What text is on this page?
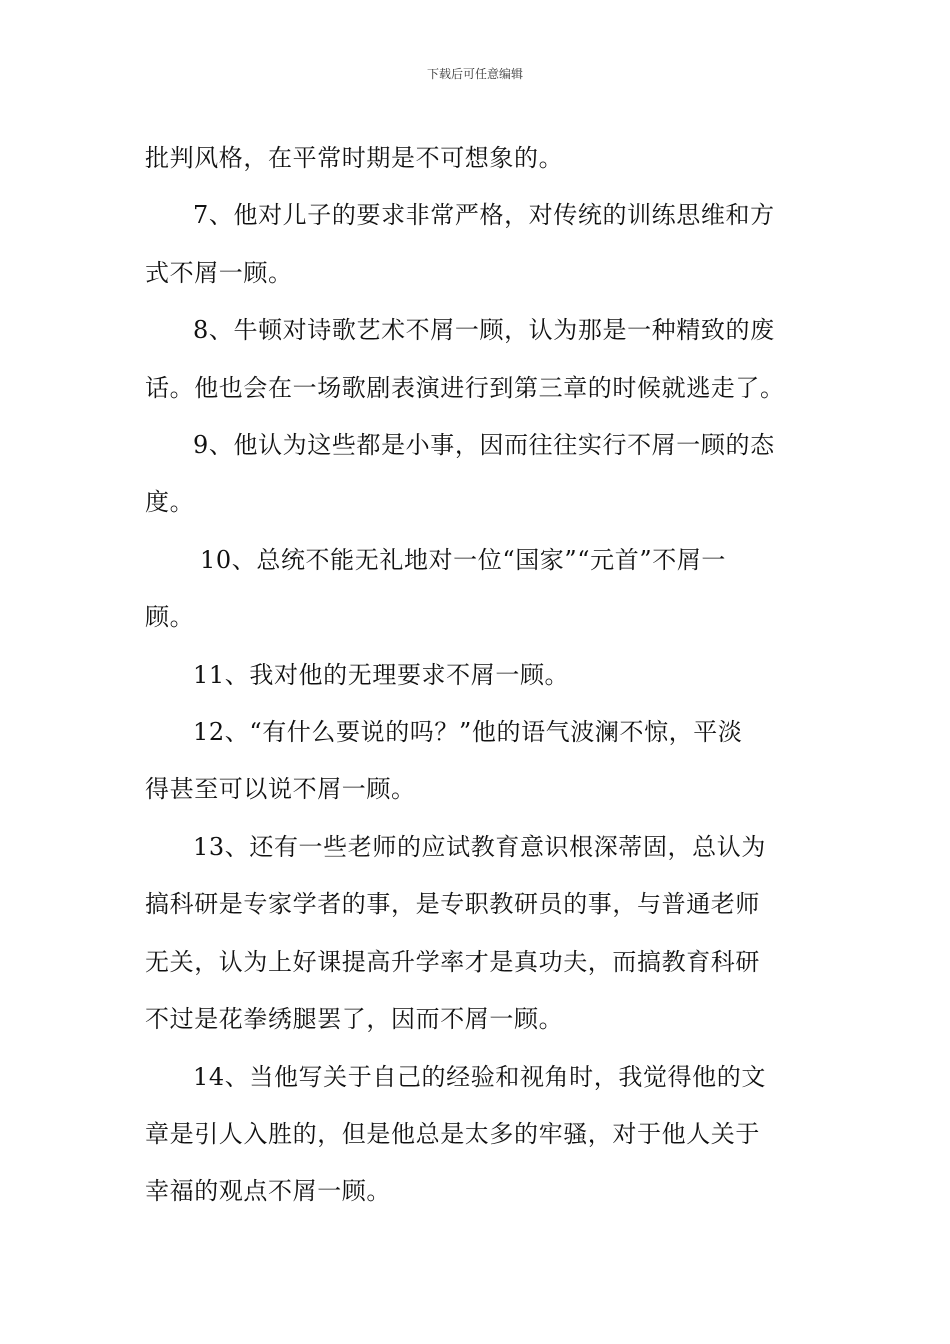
下载后可任意编辑
批判风格，在平常时期是不可想象的。
7、他对儿子的要求非常严格，对传统的训练思维和方
式不屑一顾。
8、牛顿对诗歌艺术不屑一顾，认为那是一种精致的废
话。他也会在一场歌剧表演进行到第三章的时候就逃走了。
9、他认为这些都是小事，因而往往实行不屑一顾的态
度。
10、总统不能无礼地对一位“国家”“元首”不屑一
顾。
11、我对他的无理要求不屑一顾。
12、“有什么要说的吗？”他的语气波澜不惊，平淡
得甚至可以说不屑一顾。
13、还有一些老师的应试教育意识根深蒂固，总认为
搞科研是专家学者的事，是专职教研员的事，与普通老师
无关，认为上好课提高升学率才是真功夫，而搞教育科研
不过是花拳绣腿罢了，因而不屑一顾。
14、当他写关于自己的经验和视角时，我觉得他的文
章是引人入胜的，但是他总是太多的牢骚，对于他人关于
幸福的观点不屑一顾。
